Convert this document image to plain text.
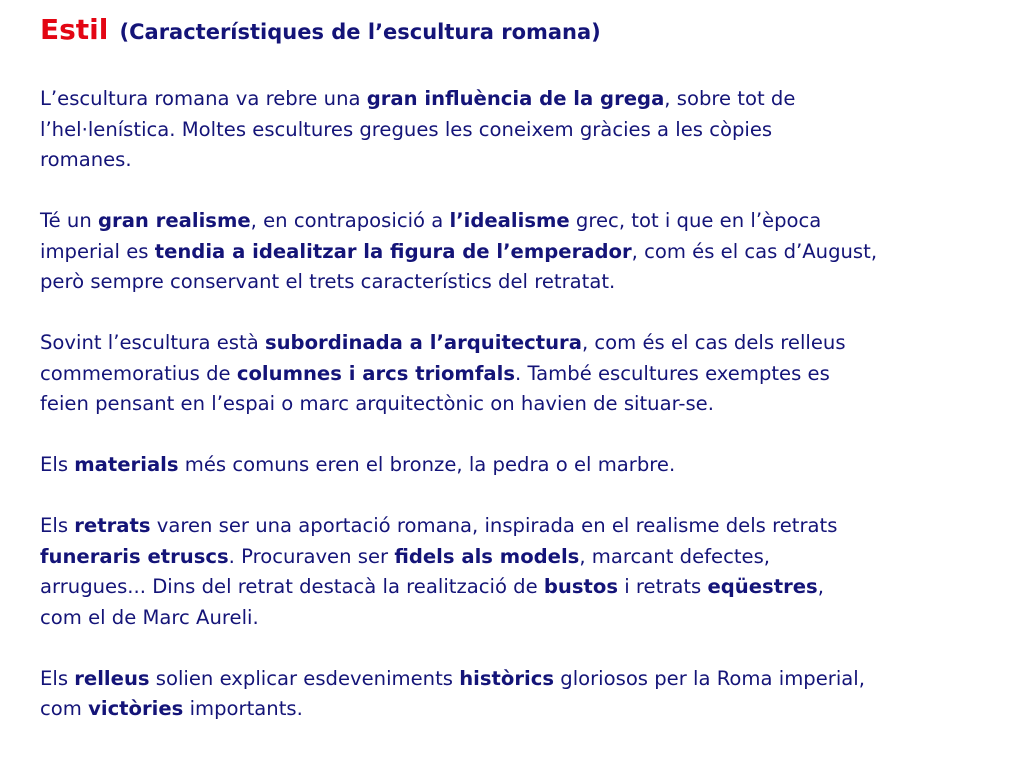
Estil (Característiques de l’escultura romana)

L’escultura romana va rebre una gran influència de la grega, sobre tot de
l’hel·lenística. Moltes escultures gregues les coneixem gràcies a les còpies
romanes.

Té un gran realisme, en contraposició a l’idealisme grec, tot i que en l’època
imperial es tendia a idealitzar la figura de l’emperador, com és el cas d’August,
però sempre conservant el trets característics del retratat.

Sovint l’escultura està subordinada a l’arquitectura, com és el cas dels relleus
commemoratius de columnes i arcs triomfals. També escultures exemptes es
feien pensant en l’espai o marc arquitectònic on havien de situar-se.

Els materials més comuns eren el bronze, la pedra o el marbre.

Els retrats varen ser una aportació romana, inspirada en el realisme dels retrats
funeraris etruscs. Procuraven ser fidels als models, marcant defectes,
arrugues... Dins del retrat destacà la realització de bustos i retrats eqüestres,
com el de Marc Aureli.

Els relleus solien explicar esdeveniments històrics gloriosos per la Roma imperial,
com victòries importants.
